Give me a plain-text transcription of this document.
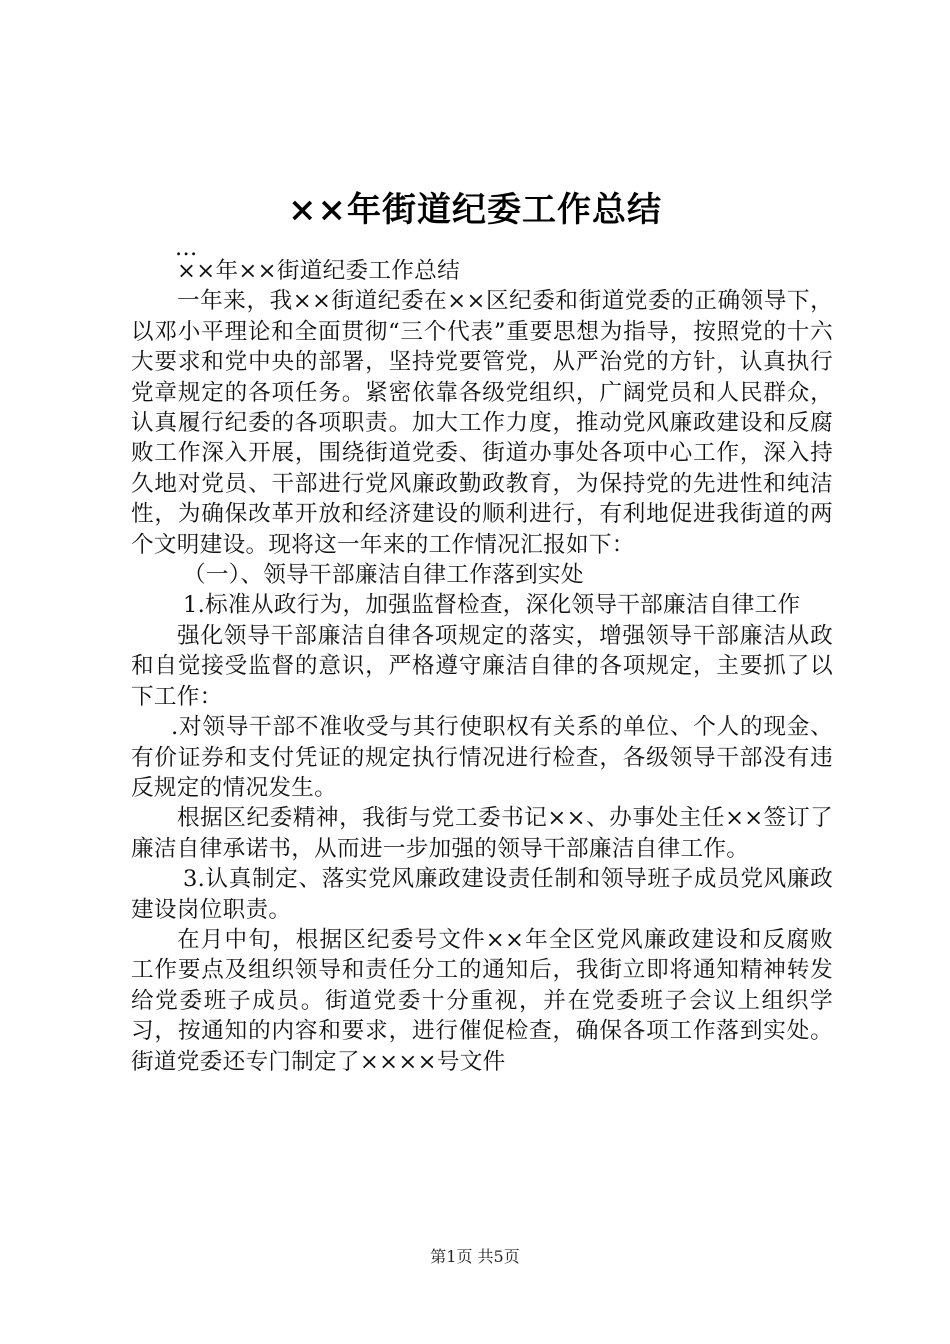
××年街道纪委工作总结

...

××年××街道纪委工作总结

一年来，我××街道纪委在××区纪委和街道党委的正确领导下，以邓小平理论和全面贯彻“三个代表”重要思想为指导，按照党的十六大要求和党中央的部署，坚持党要管党，从严治党的方针，认真执行党章规定的各项任务。紧密依靠各级党组织，广阔党员和人民群众，认真履行纪委的各项职责。加大工作力度，推动党风廉政建设和反腐败工作深入开展，围绕街道党委、街道办事处各项中心工作，深入持久地对党员、干部进行党风廉政勤政教育，为保持党的先进性和纯洁性，为确保改革开放和经济建设的顺利进行，有利地促进我街道的两个文明建设。现将这一年来的工作情况汇报如下：

（一）、领导干部廉洁自律工作落到实处

1.标准从政行为，加强监督检查，深化领导干部廉洁自律工作

强化领导干部廉洁自律各项规定的落实，增强领导干部廉洁从政和自觉接受监督的意识，严格遵守廉洁自律的各项规定，主要抓了以下工作：

.对领导干部不准收受与其行使职权有关系的单位、个人的现金、有价证券和支付凭证的规定执行情况进行检查，各级领导干部没有违反规定的情况发生。

根据区纪委精神，我街与党工委书记××、办事处主任××签订了廉洁自律承诺书，从而进一步加强的领导干部廉洁自律工作。

3.认真制定、落实党风廉政建设责任制和领导班子成员党风廉政建设岗位职责。

在月中旬，根据区纪委号文件××年全区党风廉政建设和反腐败工作要点及组织领导和责任分工的通知后，我街立即将通知精神转发给党委班子成员。街道党委十分重视，并在党委班子会议上组织学习，按通知的内容和要求，进行催促检查，确保各项工作落到实处。街道党委还专门制定了××××号文件

第1页 共5页
